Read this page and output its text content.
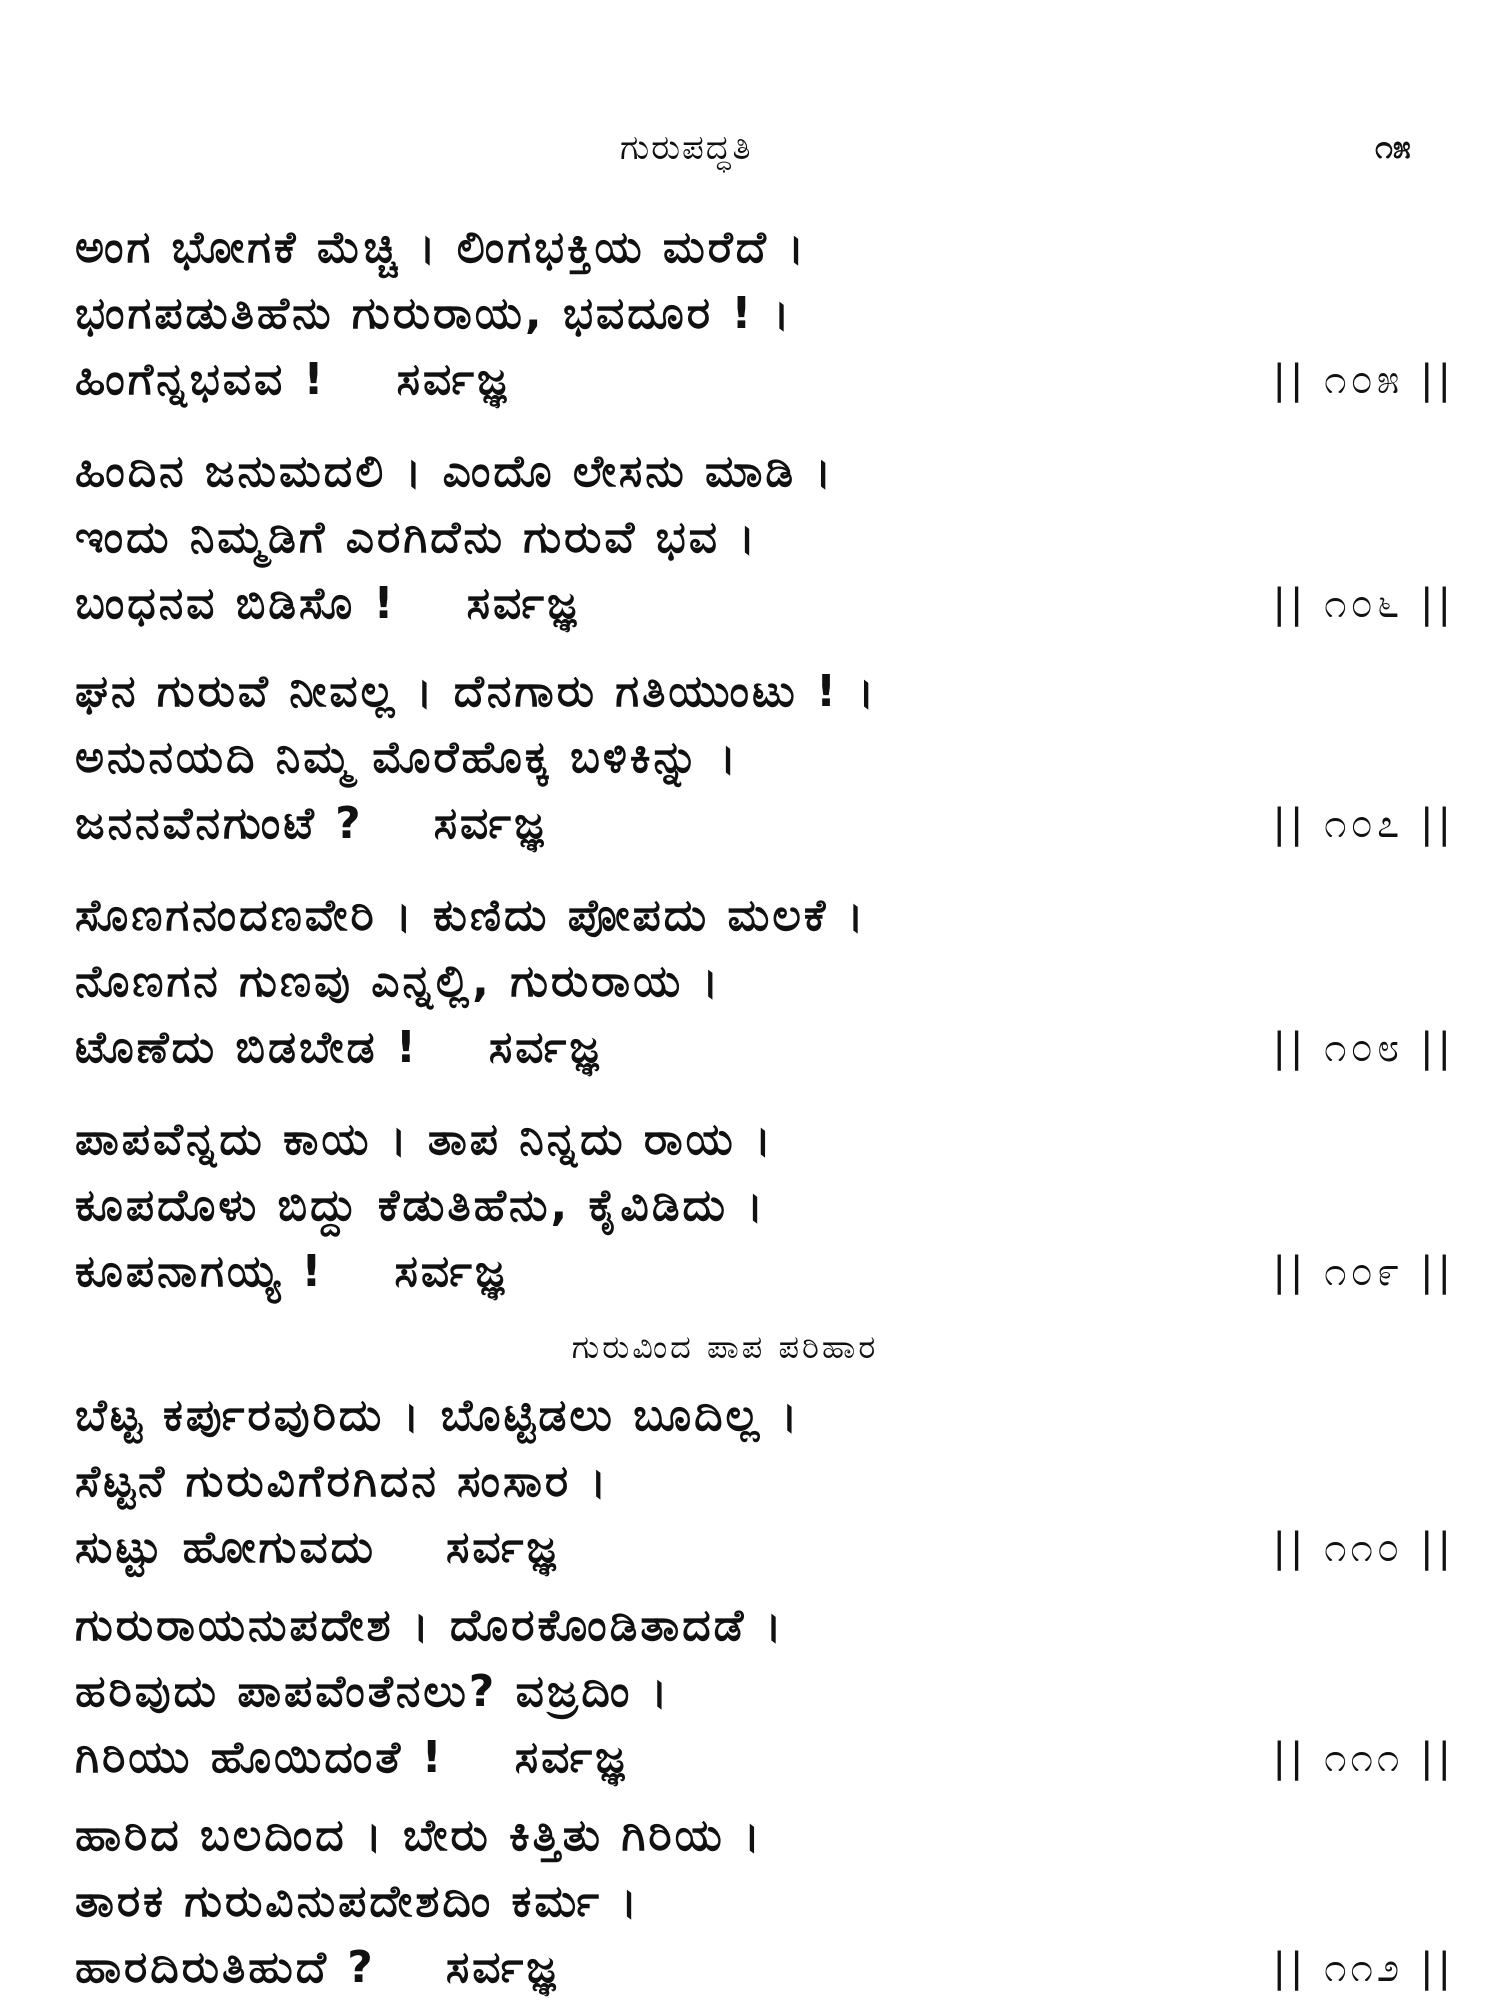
ಗುರುಪದ್ಧತಿ	೧೫
ಅಂಗ ಭೋಗಕೆ ಮೆಚ್ಚಿ । ಲಿಂಗಭಕ್ತಿಯ ಮರೆದೆ ।
ಭಂಗಪಡುತಿಹೆನು ಗುರುರಾಯ, ಭವದೂರ ! ।
ಹಿಂಗೆನ್ನಭವವ ! ಸರ್ವಜ್ಞ	|| ೧೦೫ ||
ಹಿಂದಿನ ಜನುಮದಲಿ । ಎಂದೊ ಲೇಸನು ಮಾಡಿ ।
ಇಂದು ನಿಮ್ಮಡಿಗೆ ಎರಗಿದೆನು ಗುರುವೆ ಭವ ।
ಬಂಧನವ ಬಿಡಿಸೊ ! ಸರ್ವಜ್ಞ	|| ೧೦೬ ||
ಘನ ಗುರುವೆ ನೀವಲ್ಲ । ದೆನಗಾರು ಗತಿಯುಂಟು ! ।
ಅನುನಯದಿ ನಿಮ್ಮ ಮೊರೆಹೊಕ್ಕ ಬಳಿಕಿನ್ನು ।
ಜನನವೆನಗುಂಟೆ ? ಸರ್ವಜ್ಞ	|| ೧೦೭ ||
ಸೊಣಗನಂದಣವೇರಿ । ಕುಣಿದು ಪೋಪದು ಮಲಕೆ ।
ನೊಣಗನ ಗುಣವು ಎನ್ನಲ್ಲಿ, ಗುರುರಾಯ ।
ಟೊಣೆದು ಬಿಡಬೇಡ ! ಸರ್ವಜ್ಞ	|| ೧೦೮ ||
ಪಾಪವೆನ್ನದು ಕಾಯ । ತಾಪ ನಿನ್ನದು ರಾಯ ।
ಕೂಪದೊಳು ಬಿದ್ದು ಕೆಡುತಿಹೆನು, ಕೈವಿಡಿದು ।
ಕೂಪನಾಗಯ್ಯ ! ಸರ್ವಜ್ಞ	|| ೧೦೯ ||
ಗುರುವಿಂದ ಪಾಪ ಪರಿಹಾರ
ಬೆಟ್ಟ ಕರ್ಪುರವುರಿದು । ಬೊಟ್ಟಿಡಲು ಬೂದಿಲ್ಲ ।
ಸೆಟ್ಟನೆ ಗುರುವಿಗೆರಗಿದನ ಸಂಸಾರ ।
ಸುಟ್ಟು ಹೋಗುವದು ಸರ್ವಜ್ಞ	|| ೧೧೦ ||
ಗುರುರಾಯನುಪದೇಶ । ದೊರಕೊಂಡಿತಾದಡೆ ।
ಹರಿವುದು ಪಾಪವೆಂತೆನಲು? ವಜ್ರದಿಂ ।
ಗಿರಿಯು ಹೊಯಿದಂತೆ ! ಸರ್ವಜ್ಞ	|| ೧೧೧ ||
ಹಾರಿದ ಬಲದಿಂದ । ಬೇರು ಕಿತ್ತಿತು ಗಿರಿಯ ।
ತಾರಕ ಗುರುವಿನುಪದೇಶದಿಂ ಕರ್ಮ ।
ಹಾರದಿರುತಿಹುದೆ ? ಸರ್ವಜ್ಞ	|| ೧೧೨ ||
